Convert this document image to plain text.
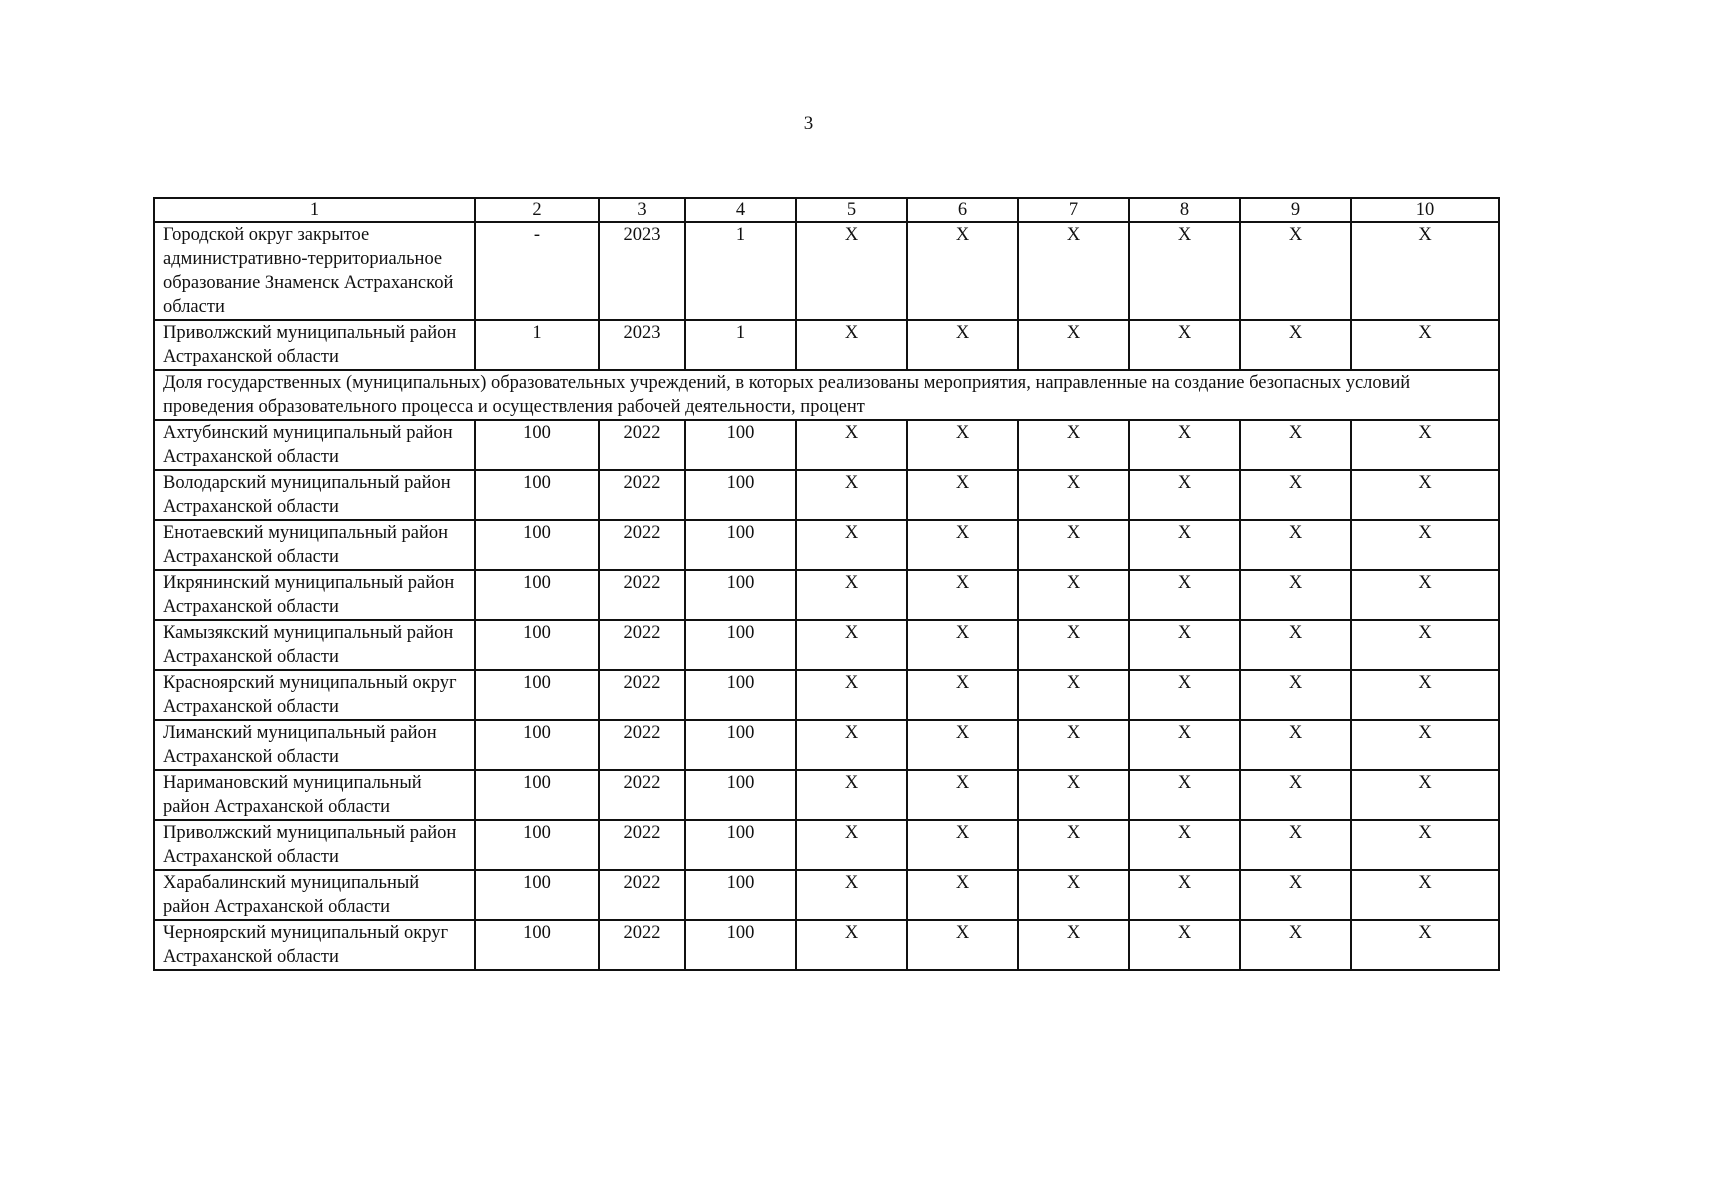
3
1	2	3	4	5	6	7	8	9	10
Городской округ закрытое административно-территориальное образование Знаменск Астраханской области	-	2023	1	X	X	X	X	X	X
Приволжский муниципальный район Астраханской области	1	2023	1	X	X	X	X	X	X
Доля государственных (муниципальных) образовательных учреждений, в которых реализованы мероприятия, направленные на создание безопасных условий проведения образовательного процесса и осуществления рабочей деятельности, процент									
Ахтубинский муниципальный район Астраханской области	100	2022	100	X	X	X	X	X	X
Володарский муниципальный район Астраханской области	100	2022	100	X	X	X	X	X	X
Енотаевский муниципальный район Астраханской области	100	2022	100	X	X	X	X	X	X
Икрянинский муниципальный район Астраханской области	100	2022	100	X	X	X	X	X	X
Камызякский муниципальный район Астраханской области	100	2022	100	X	X	X	X	X	X
Красноярский муниципальный округ Астраханской области	100	2022	100	X	X	X	X	X	X
Лиманский муниципальный район Астраханской области	100	2022	100	X	X	X	X	X	X
Наримановский муниципальный район Астраханской области	100	2022	100	X	X	X	X	X	X
Приволжский муниципальный район Астраханской области	100	2022	100	X	X	X	X	X	X
Харабалинский муниципальный район Астраханской области	100	2022	100	X	X	X	X	X	X
Черноярский муниципальный округ Астраханской области	100	2022	100	X	X	X	X	X	X
